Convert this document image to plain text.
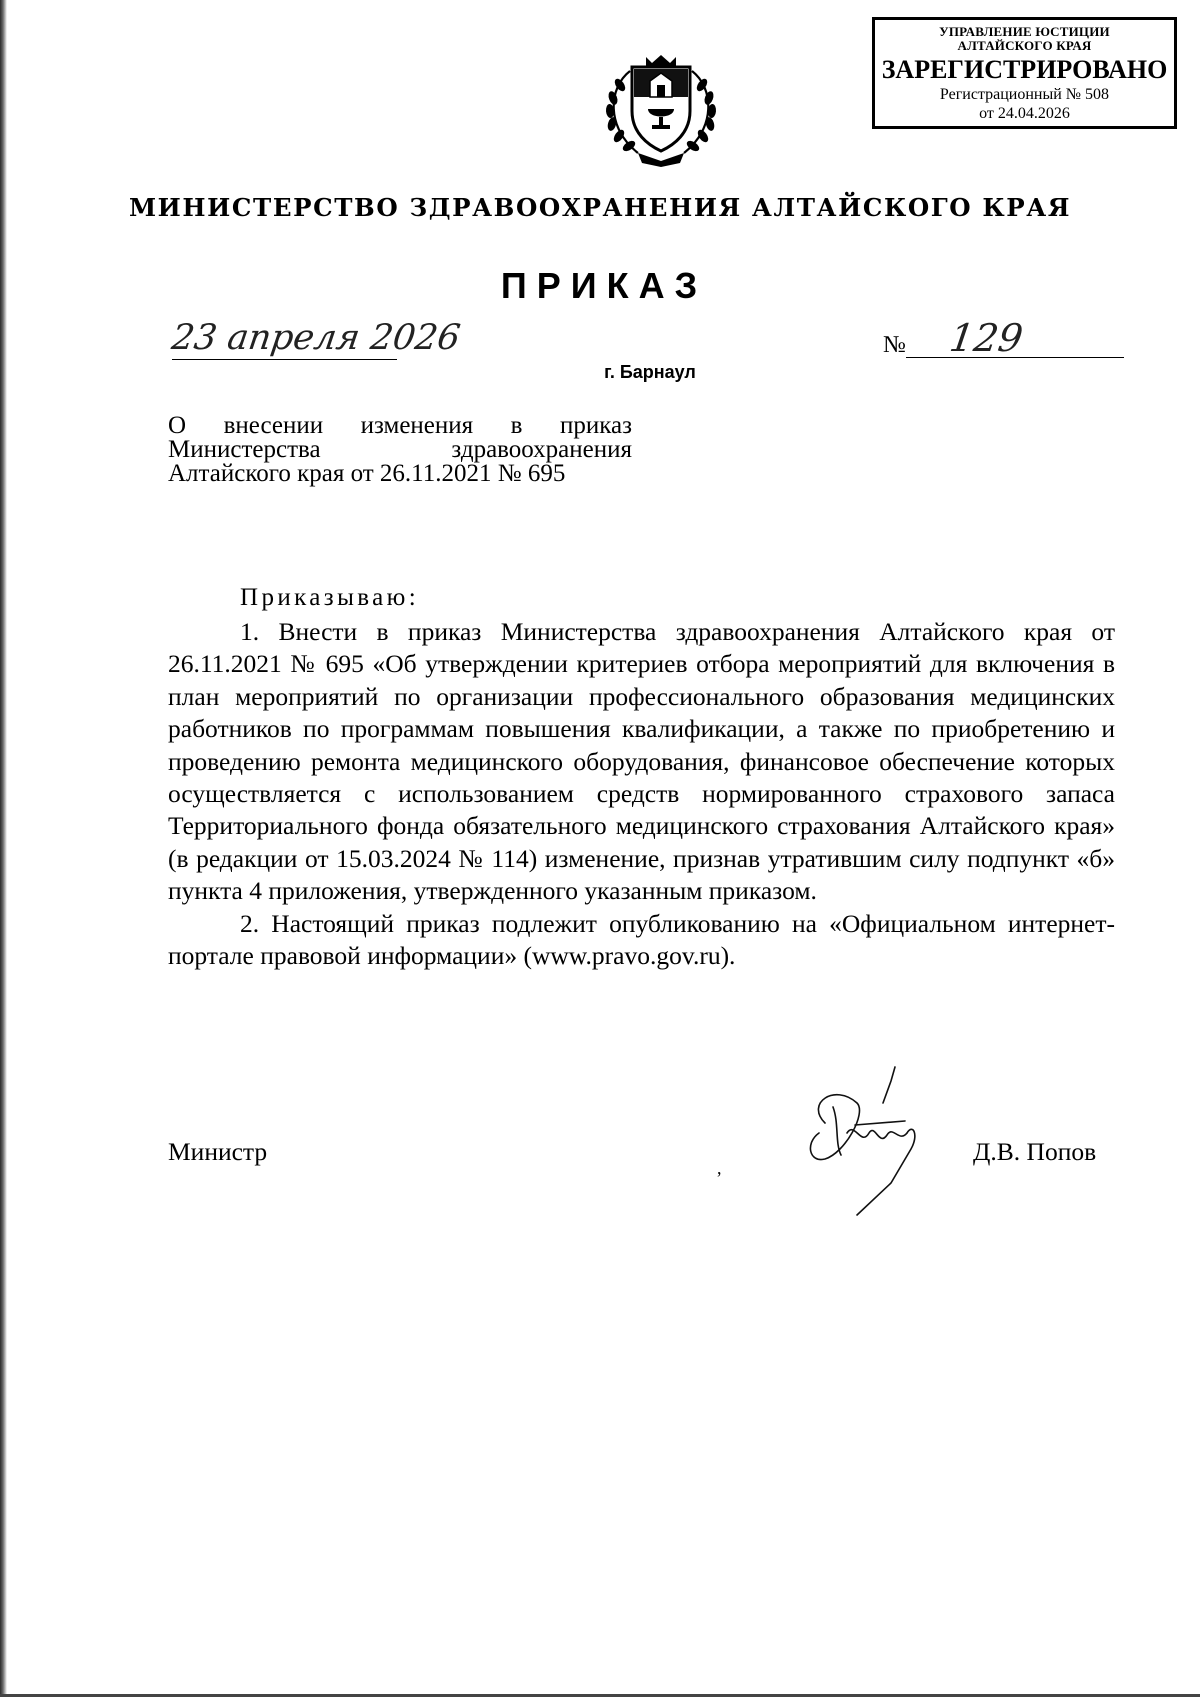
УПРАВЛЕНИЕ ЮСТИЦИИ
АЛТАЙСКОГО КРАЯ
ЗАРЕГИСТРИРОВАНО
Регистрационный № 508
от 24.04.2026
МИНИСТЕРСТВО ЗДРАВООХРАНЕНИЯ АЛТАЙСКОГО КРАЯ
ПРИКАЗ
23 апреля 2026	№ 129
г. Барнаул
О внесении изменения в приказ
Министерства здравоохранения
Алтайского края от 26.11.2021 № 695
Приказываю:

1. Внести в приказ Министерства здравоохранения Алтайского края от 26.11.2021 № 695 «Об утверждении критериев отбора мероприятий для включения в план мероприятий по организации профессионального образования медицинских работников по программам повышения квалификации, а также по приобретению и проведению ремонта медицинского оборудования, финансовое обеспечение которых осуществляется с использованием средств нормированного страхового запаса Территориального фонда обязательного медицинского страхования Алтайского края» (в редакции от 15.03.2024 № 114) изменение, признав утратившим силу подпункт «б» пункта 4 приложения, утвержденного указанным приказом.

2. Настоящий приказ подлежит опубликованию на «Официальном интернет-портале правовой информации» (www.pravo.gov.ru).

Министр
,
Д.В. Попов
